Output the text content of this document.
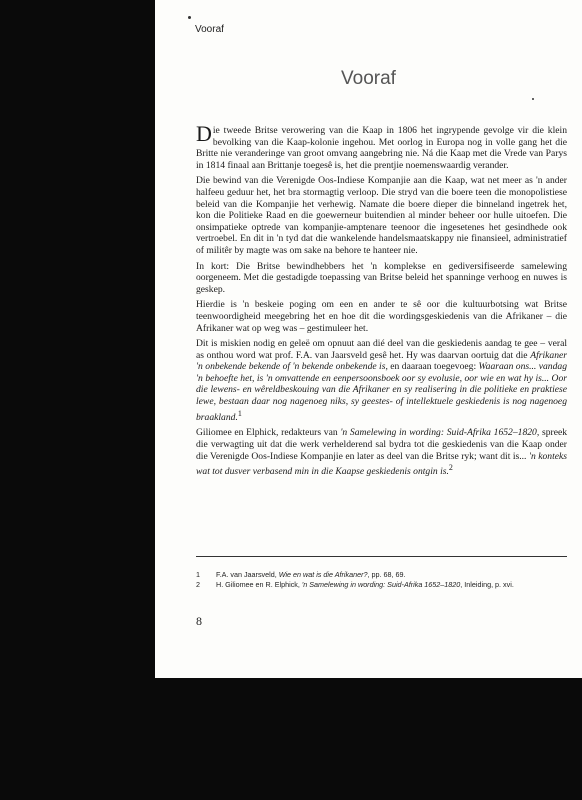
Vooraf
Vooraf

Die tweede Britse verowering van die Kaap in 1806 het ingrypende gevolge vir die klein bevolking van die Kaap-kolonie ingehou. Met oorlog in Europa nog in volle gang het die Britte nie veranderinge van groot omvang aangebring nie. Ná die Kaap met die Vrede van Parys in 1814 finaal aan Brittanje toegesê is, het die prentjie noemenswaardig verander.

Die bewind van die Verenigde Oos-Indiese Kompanjie aan die Kaap, wat net meer as 'n ander halfeeu geduur het, het bra stormagtig verloop. Die stryd van die boere teen die monopolistiese beleid van die Kompanjie het verhewig. Namate die boere dieper die binneland ingetrek het, kon die Politieke Raad en die goewerneur buitendien al minder beheer oor hulle uitoefen. Die onsimpatieke optrede van kompanjie-amptenare teenoor die ingesetenes het gesindhede ook vertroebel. En dit in 'n tyd dat die wankelende handelsmaatskappy nie finansieel, administratief of militêr by magte was om sake na behore te hanteer nie.

In kort: Die Britse bewindhebbers het 'n komplekse en gediversifiseerde samelewing oorgeneem. Met die gestadigde toepassing van Britse beleid het spanninge verhoog en nuwes is geskep.

Hierdie is 'n beskeie poging om een en ander te sê oor die kultuurbotsing wat Britse teenwoordigheid meegebring het en hoe dit die wordingsgeskiedenis van die Afrikaner – die Afrikaner wat op weg was – gestimuleer het.

Dit is miskien nodig en geleë om opnuut aan dié deel van die geskiedenis aandag te gee – veral as onthou word wat prof. F.A. van Jaarsveld gesê het. Hy was daarvan oortuig dat die Afrikaner 'n onbekende bekende of 'n bekende onbekende is, en daaraan toegevoeg: Waaraan ons... vandag 'n behoefte het, is 'n omvattende en eenpersoonsboek oor sy evolusie, oor wie en wat hy is... Oor die lewens- en wêreldbeskouing van die Afrikaner en sy realisering in die politieke en praktiese lewe, bestaan daar nog nagenoeg niks, sy geestes- of intellektuele geskiedenis is nog nagenoeg braakland.$^1$

Giliomee en Elphick, redakteurs van 'n Samelewing in wording: Suid-Afrika 1652–1820, spreek die verwagting uit dat die werk verhelderend sal bydra tot die geskiedenis van die Kaap onder die Verenigde Oos-Indiese Kompanjie en later as deel van die Britse ryk; want dit is... 'n konteks wat tot dusver verbasend min in die Kaapse geskiedenis ontgin is.$^2$

1	F.A. van Jaarsveld, Wie en wat is die Afrikaner?, pp. 68, 69.
2	H. Giliomee en R. Elphick, 'n Samelewing in wording: Suid-Afrika 1652–1820, Inleiding, p. xvi.
8
